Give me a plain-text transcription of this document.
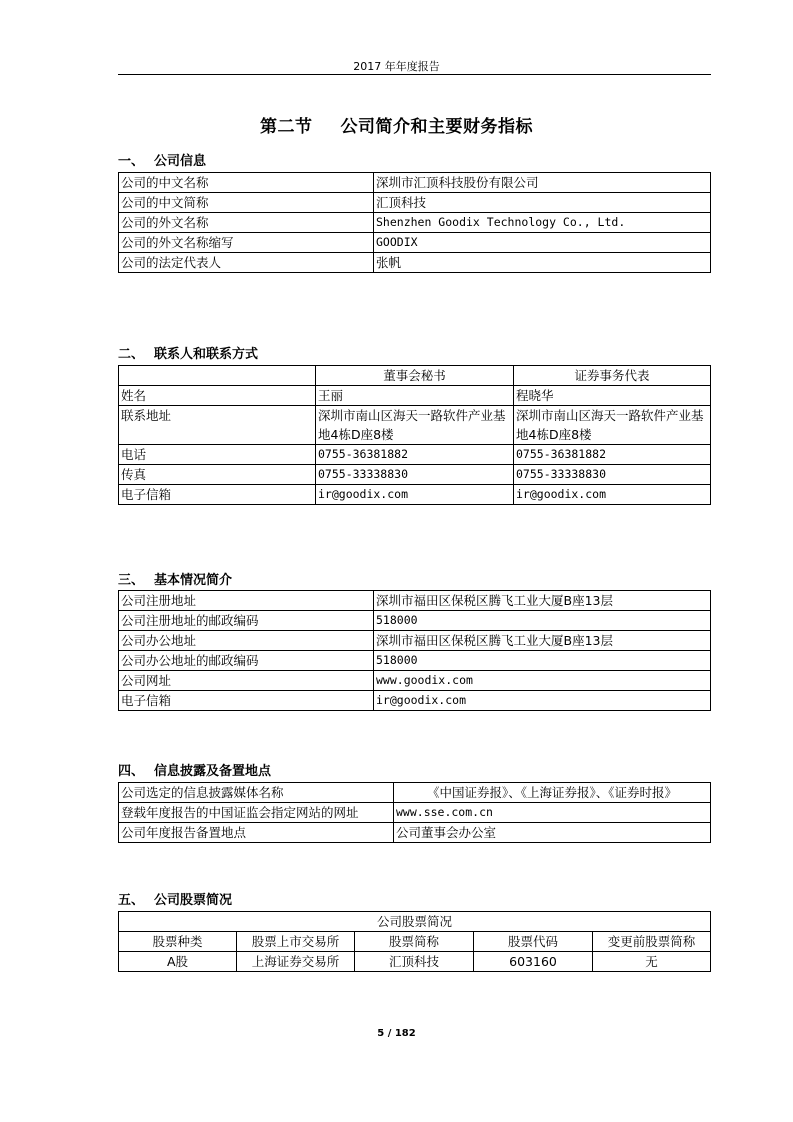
2017 年年度报告
第二节 公司简介和主要财务指标
一、 公司信息
公司的中文名称	深圳市汇顶科技股份有限公司
公司的中文简称	汇顶科技
公司的外文名称	Shenzhen Goodix Technology Co., Ltd.
公司的外文名称缩写	GOODIX
公司的法定代表人	张帆
二、 联系人和联系方式
	董事会秘书	证券事务代表
姓名	王丽	程晓华
联系地址	深圳市南山区海天一路软件产业基地4栋D座8楼	深圳市南山区海天一路软件产业基地4栋D座8楼
电话	0755-36381882	0755-36381882
传真	0755-33338830	0755-33338830
电子信箱	ir@goodix.com	ir@goodix.com
三、 基本情况简介
公司注册地址	深圳市福田区保税区腾飞工业大厦B座13层
公司注册地址的邮政编码	518000
公司办公地址	深圳市福田区保税区腾飞工业大厦B座13层
公司办公地址的邮政编码	518000
公司网址	www.goodix.com
电子信箱	ir@goodix.com
四、 信息披露及备置地点
公司选定的信息披露媒体名称	《中国证券报》、《上海证券报》、《证券时报》
登载年度报告的中国证监会指定网站的网址	www.sse.com.cn
公司年度报告备置地点	公司董事会办公室
五、 公司股票简况
公司股票简况				
股票种类	股票上市交易所	股票简称	股票代码	变更前股票简称
A股	上海证券交易所	汇顶科技	603160	无
5 / 182
